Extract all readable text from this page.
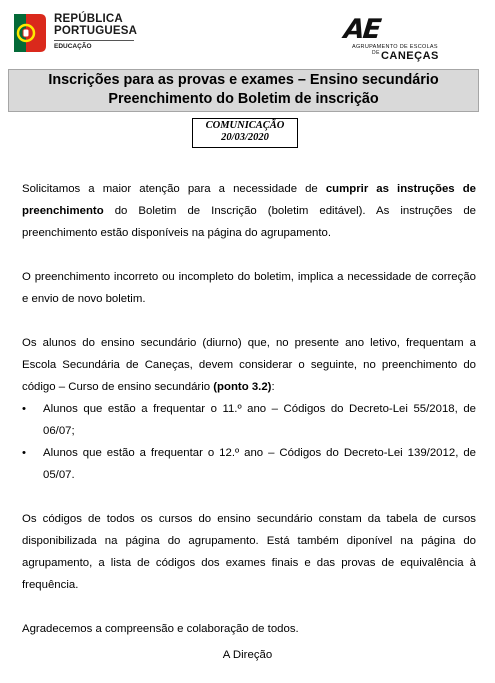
REPÚBLICA
PORTUGUESA
EDUCAÇÃO
AE
AGRUPAMENTO DE ESCOLAS
$^{DE}$CANEÇAS
Inscrições para as provas e exames – Ensino secundário
Preenchimento do Boletim de inscrição
COMUNICAÇÃO
20/03/2020

Solicitamos a maior atenção para a necessidade de cumprir as instruções de preenchimento do Boletim de Inscrição (boletim editável). As instruções de preenchimento estão disponíveis na página do agrupamento.

O preenchimento incorreto ou incompleto do boletim, implica a necessidade de correção e envio de novo boletim.

Os alunos do ensino secundário (diurno) que, no presente ano letivo, frequentam a Escola Secundária de Caneças, devem considerar o seguinte, no preenchimento do código – Curso de ensino secundário (ponto 3.2):

• Alunos que estão a frequentar o 11.º ano – Códigos do Decreto-Lei 55/2018, de 06/07;
• Alunos que estão a frequentar o 12.º ano – Códigos do Decreto-Lei 139/2012, de 05/07.

Os códigos de todos os cursos do ensino secundário constam da tabela de cursos disponibilizada na página do agrupamento. Está também diponível na página do agrupamento, a lista de códigos dos exames finais e das provas de equivalência à frequência.

Agradecemos a compreensão e colaboração de todos.

A Direção
